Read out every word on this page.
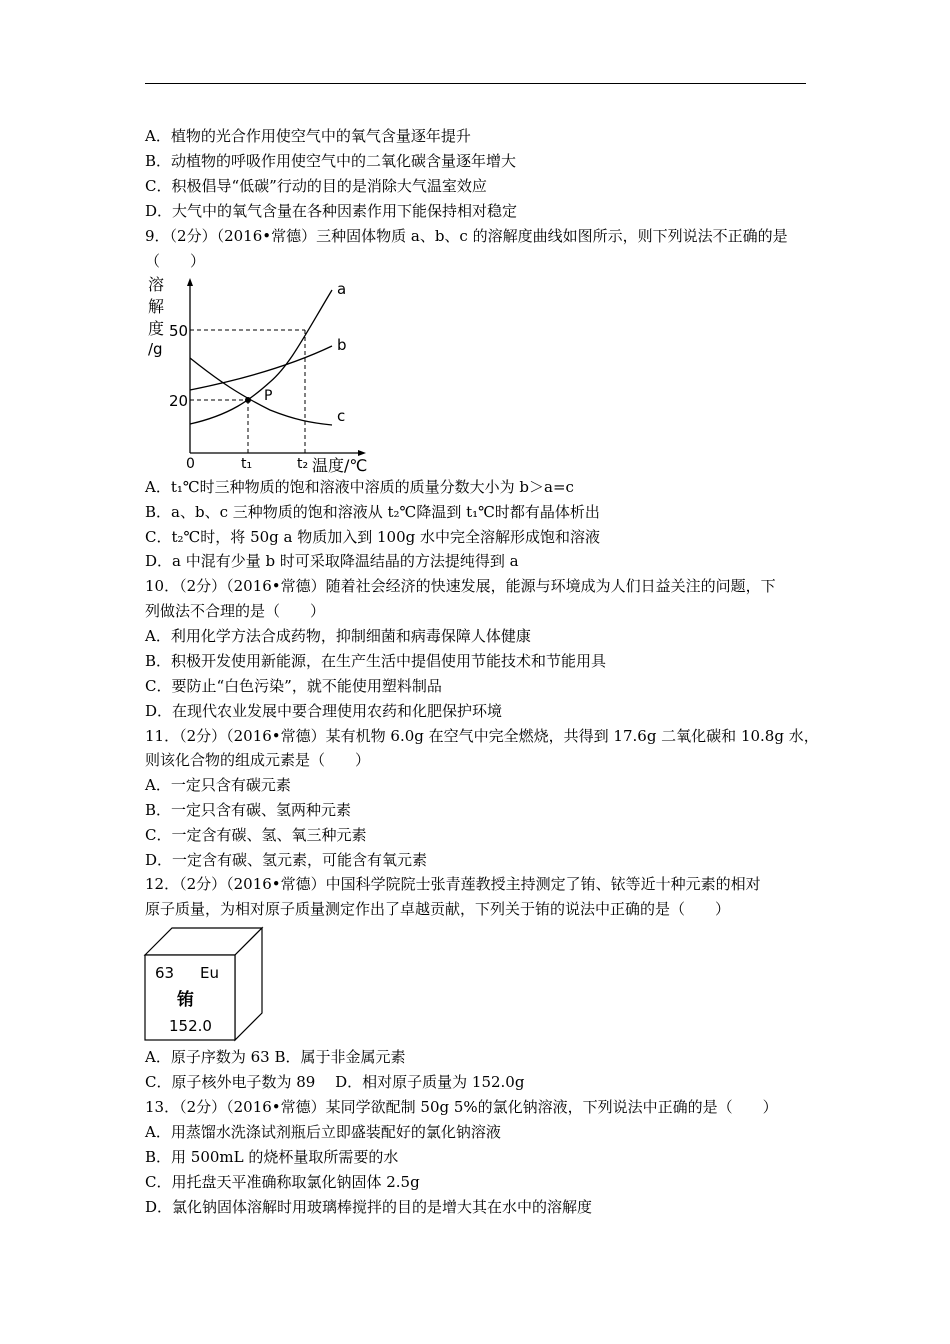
A．植物的光合作用使空气中的氧气含量逐年提升
B．动植物的呼吸作用使空气中的二氧化碳含量逐年增大
C．积极倡导“低碳”行动的目的是消除大气温室效应
D．大气中的氧气含量在各种因素作用下能保持相对稳定
9．（2分）（2016•常德）三种固体物质 a、b、c 的溶解度曲线如图所示，则下列说法不正确的是
（　　）
溶
解
度
/g
50
20
0	t₁	t₂ 温度/℃
a
b
c
P
A．t₁℃时三种物质的饱和溶液中溶质的质量分数大小为 b＞a=c
B．a、b、c 三种物质的饱和溶液从 t₂℃降温到 t₁℃时都有晶体析出
C．t₂℃时，将 50g a 物质加入到 100g 水中完全溶解形成饱和溶液
D．a 中混有少量 b 时可采取降温结晶的方法提纯得到 a
10．（2分）（2016•常德）随着社会经济的快速发展，能源与环境成为人们日益关注的问题，下
列做法不合理的是（　　）
A．利用化学方法合成药物，抑制细菌和病毒保障人体健康
B．积极开发使用新能源，在生产生活中提倡使用节能技术和节能用具
C．要防止“白色污染”，就不能使用塑料制品
D．在现代农业发展中要合理使用农药和化肥保护环境
11．（2分）（2016•常德）某有机物 6.0g 在空气中完全燃烧，共得到 17.6g 二氧化碳和 10.8g 水，
则该化合物的组成元素是（　　）
A．一定只含有碳元素
B．一定只含有碳、氢两种元素
C．一定含有碳、氢、氧三种元素
D．一定含有碳、氢元素，可能含有氧元素
12．（2分）（2016•常德）中国科学院院士张青莲教授主持测定了铕、铱等近十种元素的相对
原子质量，为相对原子质量测定作出了卓越贡献，下列关于铕的说法中正确的是（　　）
63 Eu
铕
152.0
A．原子序数为 63 B．属于非金属元素
C．原子核外电子数为 89　 D．相对原子质量为 152.0g
13．（2分）（2016•常德）某同学欲配制 50g 5%的氯化钠溶液，下列说法中正确的是（　　）
A．用蒸馏水洗涤试剂瓶后立即盛装配好的氯化钠溶液
B．用 500mL 的烧杯量取所需要的水
C．用托盘天平准确称取氯化钠固体 2.5g
D．氯化钠固体溶解时用玻璃棒搅拌的目的是增大其在水中的溶解度
